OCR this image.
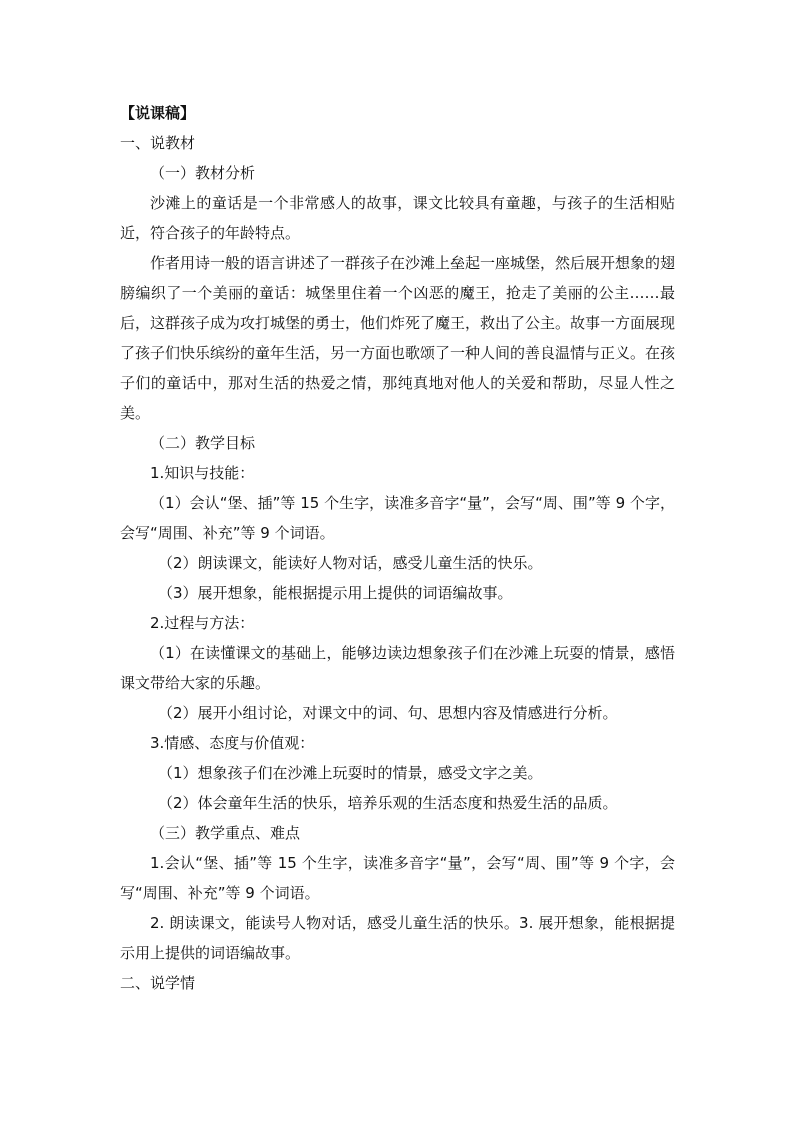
【说课稿】

一、说教材

（一）教材分析

沙滩上的童话是一个非常感人的故事，课文比较具有童趣，与孩子的生活相贴近，符合孩子的年龄特点。

作者用诗一般的语言讲述了一群孩子在沙滩上垒起一座城堡，然后展开想象的翅膀编织了一个美丽的童话：城堡里住着一个凶恶的魔王，抢走了美丽的公主……最后，这群孩子成为攻打城堡的勇士，他们炸死了魔王，救出了公主。故事一方面展现了孩子们快乐缤纷的童年生活，另一方面也歌颂了一种人间的善良温情与正义。在孩子们的童话中，那对生活的热爱之情，那纯真地对他人的关爱和帮助，尽显人性之美。

（二）教学目标

1.知识与技能：

（1）会认“堡、插”等 15 个生字，读准多音字“量”，会写“周、围”等 9 个字，会写“周围、补充”等 9 个词语。

（2）朗读课文，能读好人物对话，感受儿童生活的快乐。

（3）展开想象，能根据提示用上提供的词语编故事。

2.过程与方法：

（1）在读懂课文的基础上，能够边读边想象孩子们在沙滩上玩耍的情景，感悟课文带给大家的乐趣。

（2）展开小组讨论，对课文中的词、句、思想内容及情感进行分析。

3.情感、态度与价值观：

（1）想象孩子们在沙滩上玩耍时的情景，感受文字之美。

（2）体会童年生活的快乐，培养乐观的生活态度和热爱生活的品质。

（三）教学重点、难点

1.会认“堡、插”等 15 个生字，读准多音字“量”，会写“周、围”等 9 个字，会写“周围、补充”等 9 个词语。

2. 朗读课文，能读号人物对话，感受儿童生活的快乐。3. 展开想象，能根据提示用上提供的词语编故事。

二、说学情
